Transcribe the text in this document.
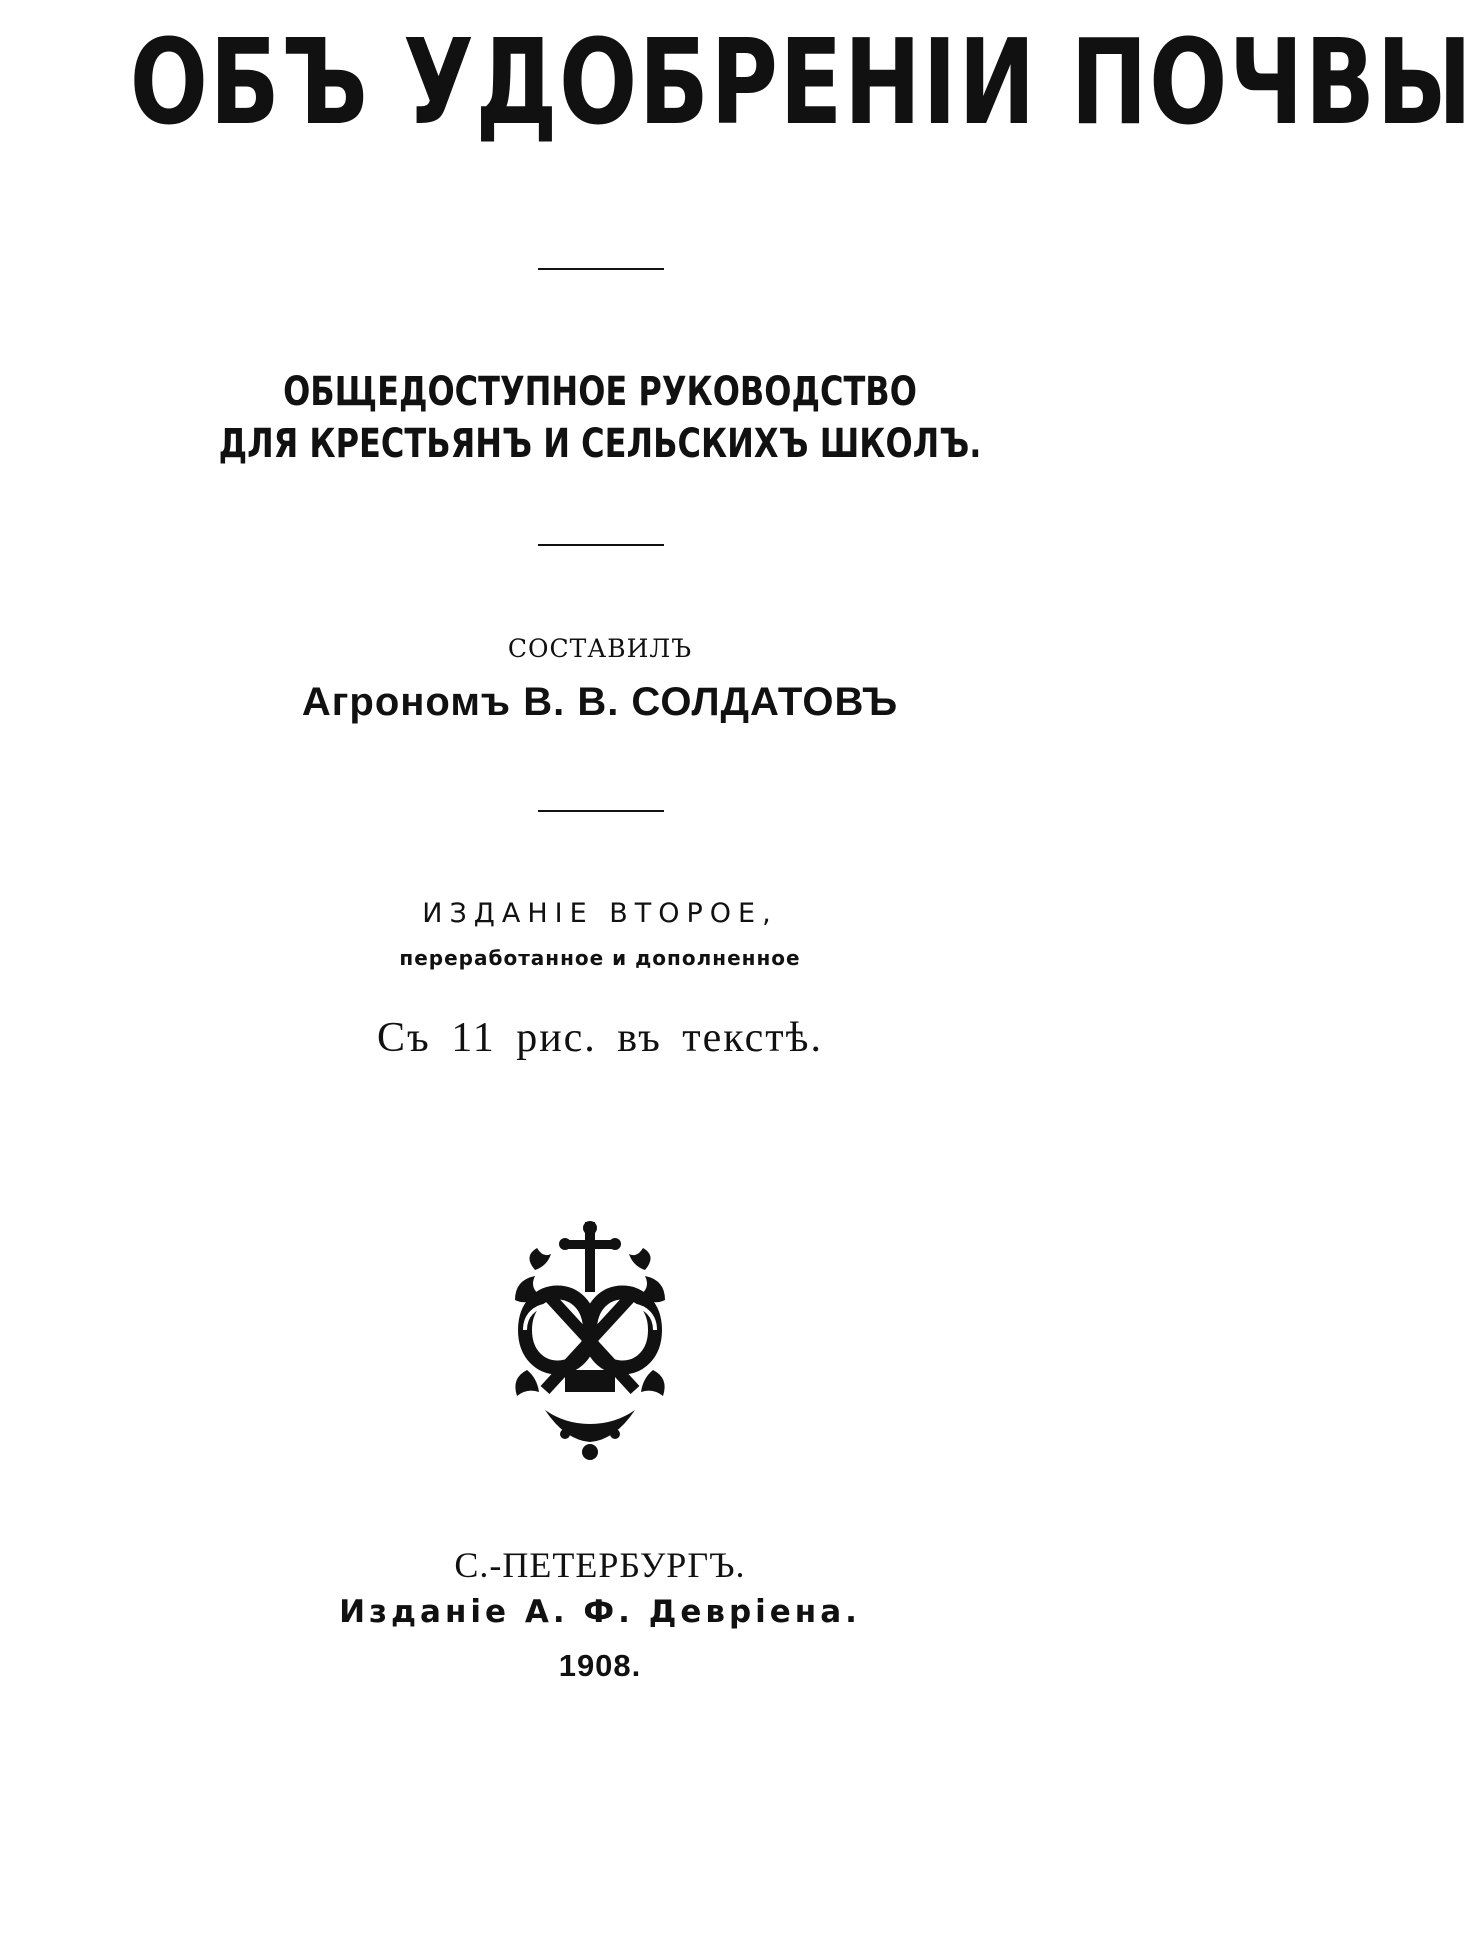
ОБЪ УДОБРЕНІИ ПОЧВЫ
ОБЩЕДОСТУПНОЕ РУКОВОДСТВО
ДЛЯ КРЕСТЬЯНЪ И СЕЛЬСКИХЪ ШКОЛЪ.
СОСТАВИЛЪ
Агрономъ В. В. СОЛДАТОВЪ
ИЗДАНІЕ ВТОРОЕ,
переработанное и дополненное
Съ 11 рис. въ текстѣ.
С.-ПЕТЕРБУРГЪ.
Изданіе А. Ф. Девріена.
1908.
